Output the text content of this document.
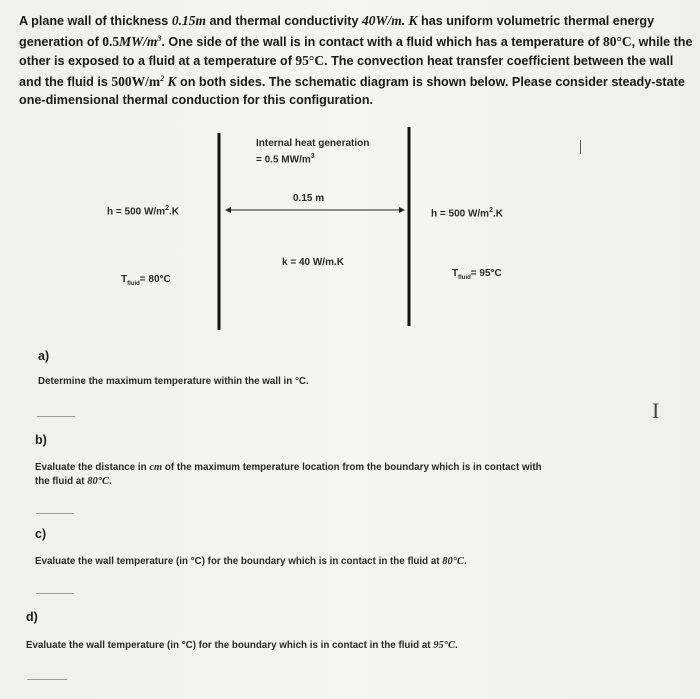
A plane wall of thickness 0.15m and thermal conductivity 40W/m. K has uniform volumetric thermal energy generation of $0.5MW/m^3$. One side of the wall is in contact with a fluid which has a temperature of 80°C, while the other is exposed to a fluid at a temperature of 95°C. The convection heat transfer coefficient between the wall and the fluid is $500W/m^2$ K on both sides. The schematic diagram is shown below. Please consider steady-state one-dimensional thermal conduction for this configuration.
Internal heat generation
= 0.5 $MW/m^3$
h = 500 $W/m^2.K$
0.15 m
h = 500 $W/m^2.K$
k = 40 W/m.K
$T_{fluid}= 80^\circ C$
$T_{fluid}= 95^\circ C$
a)
Determine the maximum temperature within the wall in °C.
I
b)
Evaluate the distance in cm of the maximum temperature location from the boundary which is in contact with the fluid at 80°C.
c)
Evaluate the wall temperature (in °C) for the boundary which is in contact in the fluid at 80°C.
d)
Evaluate the wall temperature (in °C) for the boundary which is in contact in the fluid at 95°C.
